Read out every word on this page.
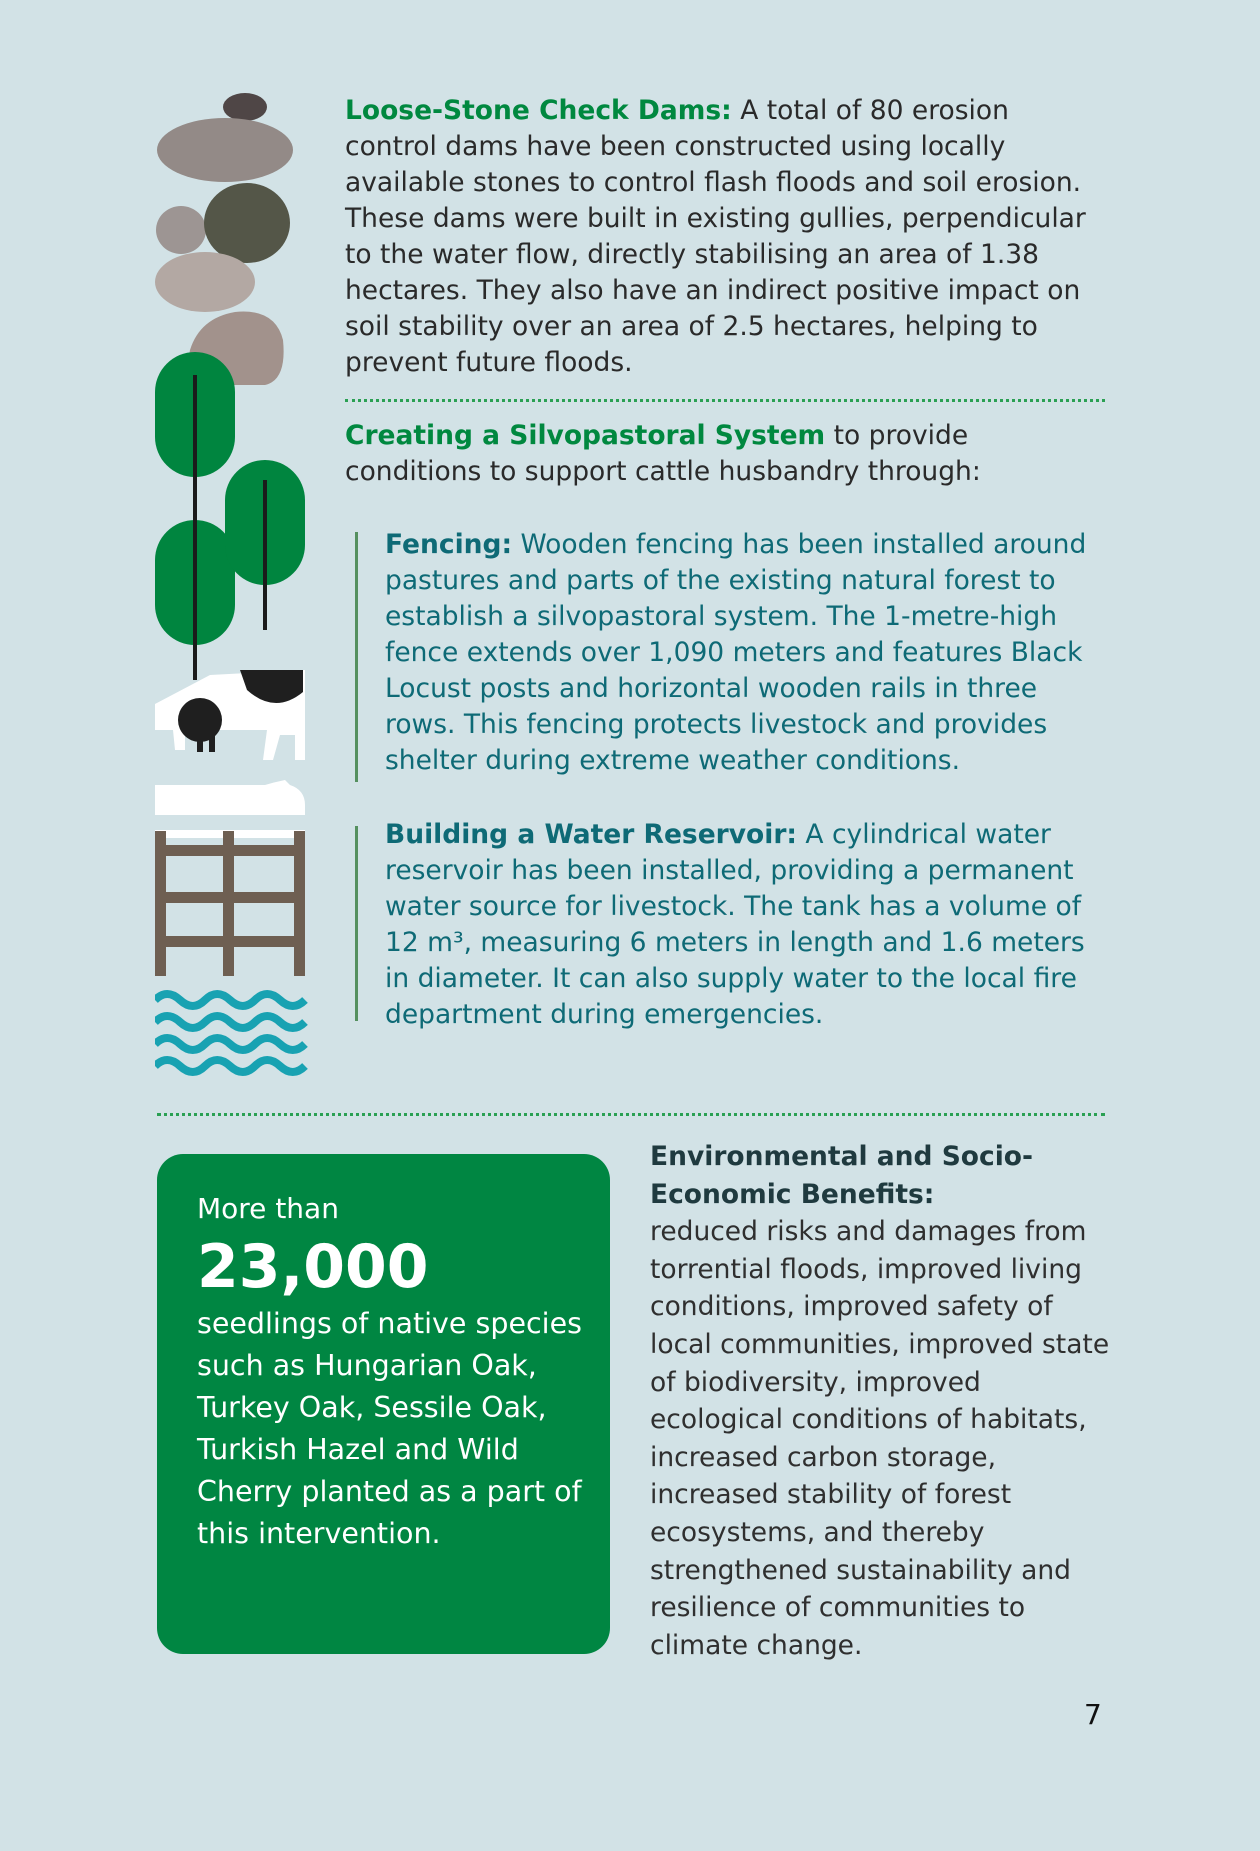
Loose-Stone Check Dams: A total of 80 erosion control dams have been constructed using locally available stones to control flash floods and soil erosion. These dams were built in existing gullies, perpendicular to the water flow, directly stabilising an area of 1.38 hectares. They also have an indirect positive impact on soil stability over an area of 2.5 hectares, helping to prevent future floods.
Creating a Silvopastoral System to provide conditions to support cattle husbandry through:
Fencing: Wooden fencing has been installed around pastures and parts of the existing natural forest to establish a silvopastoral system. The 1-metre-high fence extends over 1,090 meters and features Black Locust posts and horizontal wooden rails in three rows. This fencing protects livestock and provides shelter during extreme weather conditions.
Building a Water Reservoir: A cylindrical water reservoir has been installed, providing a permanent water source for livestock. The tank has a volume of 12 m³, measuring 6 meters in length and 1.6 meters in diameter. It can also supply water to the local fire department during emergencies.
More than
23,000
seedlings of native species such as Hungarian Oak, Turkey Oak, Sessile Oak, Turkish Hazel and Wild Cherry planted as a part of this intervention.
Environmental and Socio-Economic Benefits:
reduced risks and damages from torrential floods, improved living conditions, improved safety of local communities, improved state of biodiversity, improved ecological conditions of habitats, increased carbon storage, increased stability of forest ecosystems, and thereby strengthened sustainability and resilience of communities to climate change.
7
